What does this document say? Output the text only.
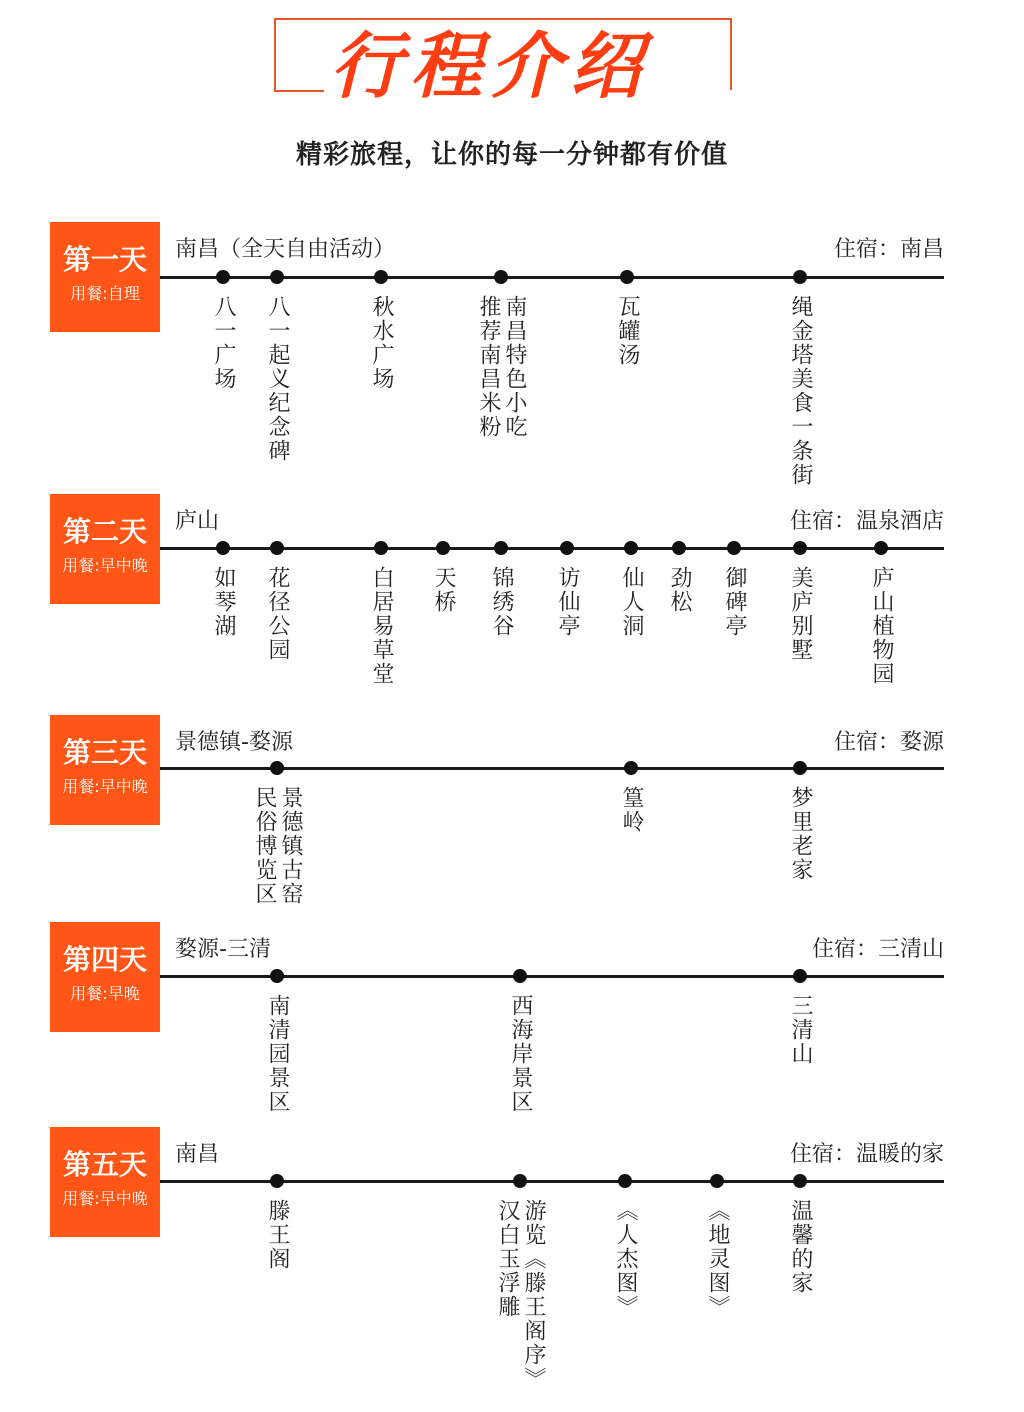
行程介绍
精彩旅程，让你的每一分钟都有价值
第一天
用餐:自理
南昌（全天自由活动）	住宿：南昌
八一广场 八一起义纪念碑	秋水广场	南昌特色小吃
推荐南昌米粉	瓦罐汤	绳金塔美食一条街
第二天
用餐:早中晚
庐山	住宿：温泉酒店
如琴湖 花径公园	白居易草堂 天桥 锦绣谷 访仙亭 仙人洞 劲松 御碑亭 美庐别墅	庐山植物园
第三天
用餐:早中晚
景德镇-婺源	住宿：婺源
景德镇古窑
民俗博览区	篁岭	梦里老家
第四天
用餐:早晚
婺源-三清	住宿：三清山
南清园景区	西海岸景区	三清山
第五天
用餐:早中晚
南昌	住宿：温暖的家
滕王阁	游览《滕王阁序》
汉白玉浮雕	《人杰图》	《地灵图》	温馨的家
